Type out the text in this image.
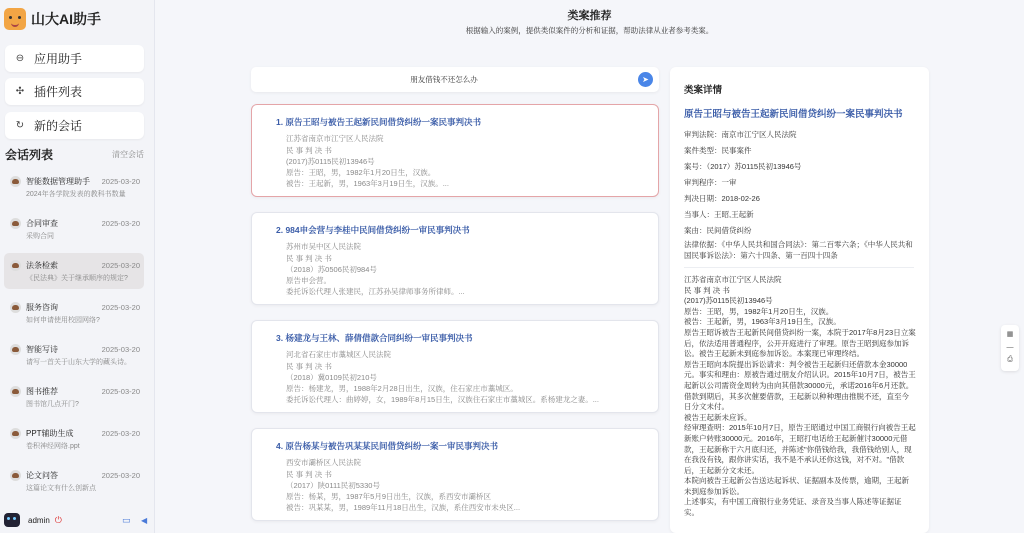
山大AI助手
⊖ 应用助手
✣ 插件列表
↻ 新的会话
会话列表	清空会话
智能数据管理助手	2025-03-20
2024年各学院发表的教科书数量
合同审查	2025-03-20
采购合同
法条检索	2025-03-20
《民法典》关于继承顺序的规定?
服务咨询	2025-03-20
如何申请使用校园网络?
智能写诗	2025-03-20
请写一首关于山东大学的藏头诗。
图书推荐	2025-03-20
图书馆几点开门?
PPT辅助生成	2025-03-20
卷积神经网络.ppt
论文问答	2025-03-20
这篇论文有什么创新点
admin ⏻	▭ ◀
类案推荐
根据输入的案例，提供类似案件的分析和证据，帮助法律从业者参考类案。
朋友借钱不还怎么办
➤
1. 原告王昭与被告王起新民间借贷纠纷一案民事判决书
江苏省南京市江宁区人民法院
民 事 判 决 书
(2017)苏0115民初13946号
原告：王昭，男，1982年1月20日生，汉族。
被告：王起新，男，1963年3月19日生，汉族。...
2. 984申会营与李桂中民间借贷纠纷一审民事判决书
苏州市吴中区人民法院
民 事 判 决 书
（2018）苏0506民初984号
原告申会营。
委托诉讼代理人张建民，江苏孙吴律师事务所律师。...
3. 杨建龙与王林、薛倩借款合同纠纷一审民事判决书
河北省石家庄市藁城区人民法院
民 事 判 决 书
（2018）冀0109民初210号
原告：杨建龙，男，1988年2月28日出生，汉族，住石家庄市藁城区。
委托诉讼代理人：曲婷婷，女，1989年8月15日生，汉族住石家庄市藁城区。系杨建龙之妻。...
4. 原告杨某与被告巩某某民间借贷纠纷一案一审民事判决书
西安市灞桥区人民法院
民 事 判 决 书
（2017）陕0111民初5330号
原告：杨某，男，1987年5月9日出生，汉族，系西安市灞桥区
被告：巩某某，男，1989年11月18日出生，汉族，系住西安市未央区...
类案详情
原告王昭与被告王起新民间借贷纠纷一案民事判决书
审判法院：南京市江宁区人民法院
案件类型：民事案件
案号：（2017）苏0115民初13946号
审判程序：一审
判决日期：2018-02-26
当事人：王昭,王起新
案由：民间借贷纠纷
法律依据：《中华人民共和国合同法》：第二百零六条；《中华人民共和国民事诉讼法》：第六十四条、第一百四十四条
江苏省南京市江宁区人民法院
民 事 判 决 书
(2017)苏0115民初13946号
原告：王昭，男，1982年1月20日生，汉族。
被告：王起新，男，1963年3月19日生，汉族。
原告王昭诉被告王起新民间借贷纠纷一案，本院于2017年8月23日立案后，依法适用普通程序，公开开庭进行了审理。原告王昭到庭参加诉讼。被告王起新未到庭参加诉讼。本案现已审理终结。
原告王昭向本院提出诉讼请求：判令被告王起新归还借款本金30000元。事实和理由：原被告通过朋友介绍认识。2015年10月7日，被告王起新以公司需资金周转为由向其借款30000元，承诺2016年6月还款。借款到期后，其多次催要借款，王起新以种种理由推脱不还，直至今日分文未付。
被告王起新未应诉。
经审理查明：2015年10月7日，原告王昭通过中国工商银行向被告王起新账户转账30000元。2016年，王昭打电话给王起新催讨30000元借款，王起新称于六月底归还，并陈述"你借钱给我，我借钱给别人，现在我没有钱，跟你讲实话，我不是不承认还你这钱，对不对。"借款后，王起新分文未还。
本院向被告王起新公告送达起诉状、证据副本及传票，逾期，王起新未到庭参加诉讼。
上述事实，有中国工商银行业务凭证、录音及当事人陈述等证据证实。
▦
—
⎙
